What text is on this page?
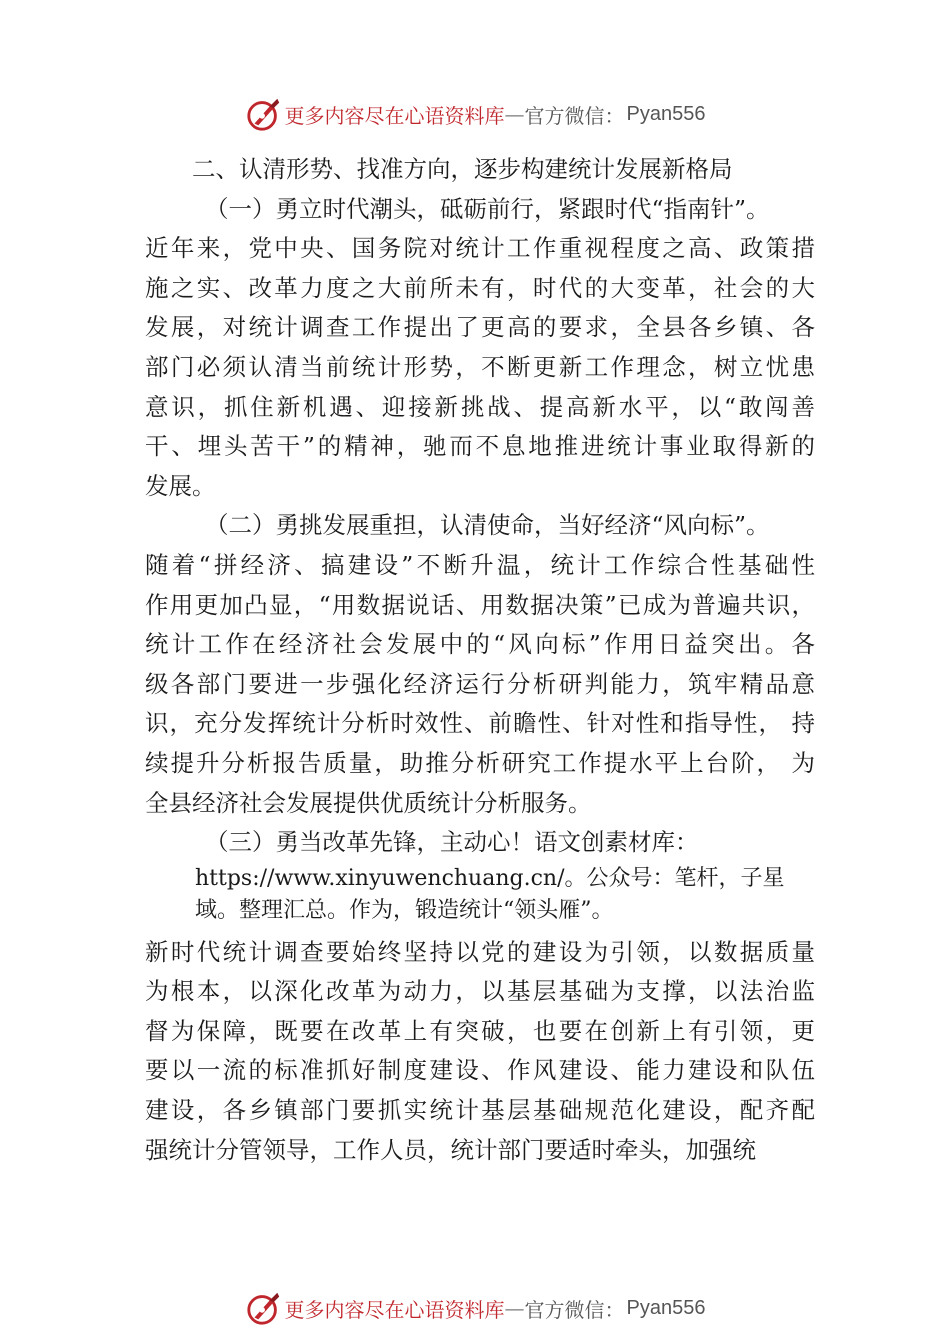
更多内容尽在心语资料库 — 官方微信： Pyan556
二、认清形势、找准方向，逐步构建统计发展新格局
（一）勇立时代潮头，砥砺前行，紧跟时代“指南针”。
近年来，党中央、国务院对统计工作重视程度之高、政策措
施之实、改革力度之大前所未有，时代的大变革，社会的大
发展，对统计调查工作提出了更高的要求，全县各乡镇、各
部门必须认清当前统计形势，不断更新工作理念，树立忧患
意识，抓住新机遇、迎接新挑战、提高新水平，以“敢闯善
干、埋头苦干”的精神，驰而不息地推进统计事业取得新的
发展。
（二）勇挑发展重担，认清使命，当好经济“风向标”。
随着“拼经济、搞建设”不断升温，统计工作综合性基础性
作用更加凸显，“用数据说话、用数据决策”已成为普遍共识，
统计工作在经济社会发展中的“风向标”作用日益突出。各
级各部门要进一步强化经济运行分析研判能力，筑牢精品意
识，充分发挥统计分析时效性、前瞻性、针对性和指导性， 持
续提升分析报告质量，助推分析研究工作提水平上台阶， 为
全县经济社会发展提供优质统计分析服务。
（三）勇当改革先锋，主动心！语文创素材库：
https://www.xinyuwenchuang.cn/。公众号：笔杆，子星
域。整理汇总。作为，锻造统计“领头雁”。
新时代统计调查要始终坚持以党的建设为引领，以数据质量
为根本，以深化改革为动力，以基层基础为支撑，以法治监
督为保障，既要在改革上有突破，也要在创新上有引领，更
要以一流的标准抓好制度建设、作风建设、能力建设和队伍
建设，各乡镇部门要抓实统计基层基础规范化建设，配齐配
强统计分管领导，工作人员，统计部门要适时牵头，加强统
更多内容尽在心语资料库 — 官方微信： Pyan556
